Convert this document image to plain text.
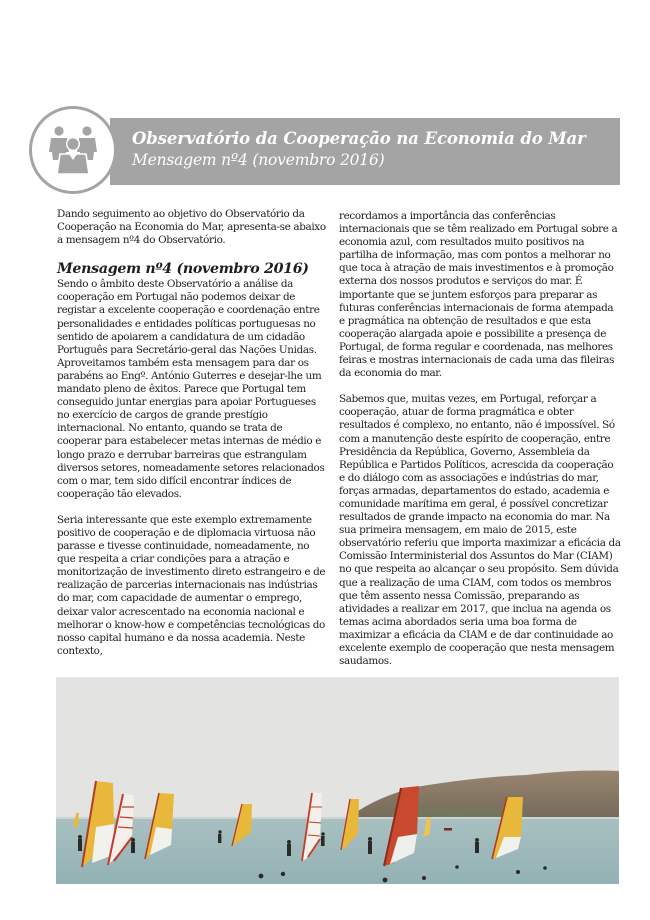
Observatório da Cooperação na Economia do Mar
Mensagem nº4 (novembro 2016)

Dando seguimento ao objetivo do Observatório da Cooperação na Economia do Mar, apresenta-se abaixo a mensagem nº4 do Observatório.

Mensagem nº4 (novembro 2016)

Sendo o âmbito deste Observatório a análise da cooperação em Portugal não podemos deixar de registar a excelente cooperação e coordenação entre personalidades e entidades políticas portuguesas no sentido de apoiarem a candidatura de um cidadão Português para Secretário-geral das Nações Unidas. Aproveitamos também esta mensagem para dar os parabéns ao Engº. António Guterres e desejar-lhe um mandato pleno de êxitos. Parece que Portugal tem conseguido juntar energias para apoiar Portugueses no exercício de cargos de grande prestígio internacional. No entanto, quando se trata de cooperar para estabelecer metas internas de médio e longo prazo e derrubar barreiras que estrangulam diversos setores, nomeadamente setores relacionados com o mar, tem sido difícil encontrar índices de cooperação tão elevados.

Seria interessante que este exemplo extremamente positivo de cooperação e de diplomacia virtuosa não parasse e tivesse continuidade, nomeadamente, no que respeita a criar condições para a atração e monitorização de investimento direto estrangeiro e de realização de parcerias internacionais nas indústrias do mar, com capacidade de aumentar o emprego, deixar valor acrescentado na economia nacional e melhorar o know-how e competências tecnológicas do nosso capital humano e da nossa academia. Neste contexto,

recordamos a importância das conferências internacionais que se têm realizado em Portugal sobre a economia azul, com resultados muito positivos na partilha de informação, mas com pontos a melhorar no que toca à atração de mais investimentos e à promoção externa dos nossos produtos e serviços do mar. É importante que se juntem esforços para preparar as futuras conferências internacionais de forma atempada e pragmática na obtenção de resultados e que esta cooperação alargada apoie e possibilite a presença de Portugal, de forma regular e coordenada, nas melhores feiras e mostras internacionais de cada uma das fileiras da economia do mar.

Sabemos que, muitas vezes, em Portugal, reforçar a cooperação, atuar de forma pragmática e obter resultados é complexo, no entanto, não é impossível. Só com a manutenção deste espírito de cooperação, entre Presidência da República, Governo, Assembleia da República e Partidos Políticos, acrescida da cooperação e do diálogo com as associações e indústrias do mar, forças armadas, departamentos do estado, academia e comunidade marítima em geral, é possível concretizar resultados de grande impacto na economia do mar. Na sua primeira mensagem, em maio de 2015, este observatório referiu que importa maximizar a eficácia da Comissão Interministerial dos Assuntos do Mar (CIAM) no que respeita ao alcançar o seu propósito. Sem dúvida que a realização de uma CIAM, com todos os membros que têm assento nessa Comissão, preparando as atividades a realizar em 2017, que inclua na agenda os temas acima abordados seria uma boa forma de maximizar a eficácia da CIAM e de dar continuidade ao excelente exemplo de cooperação que nesta mensagem saudamos.
